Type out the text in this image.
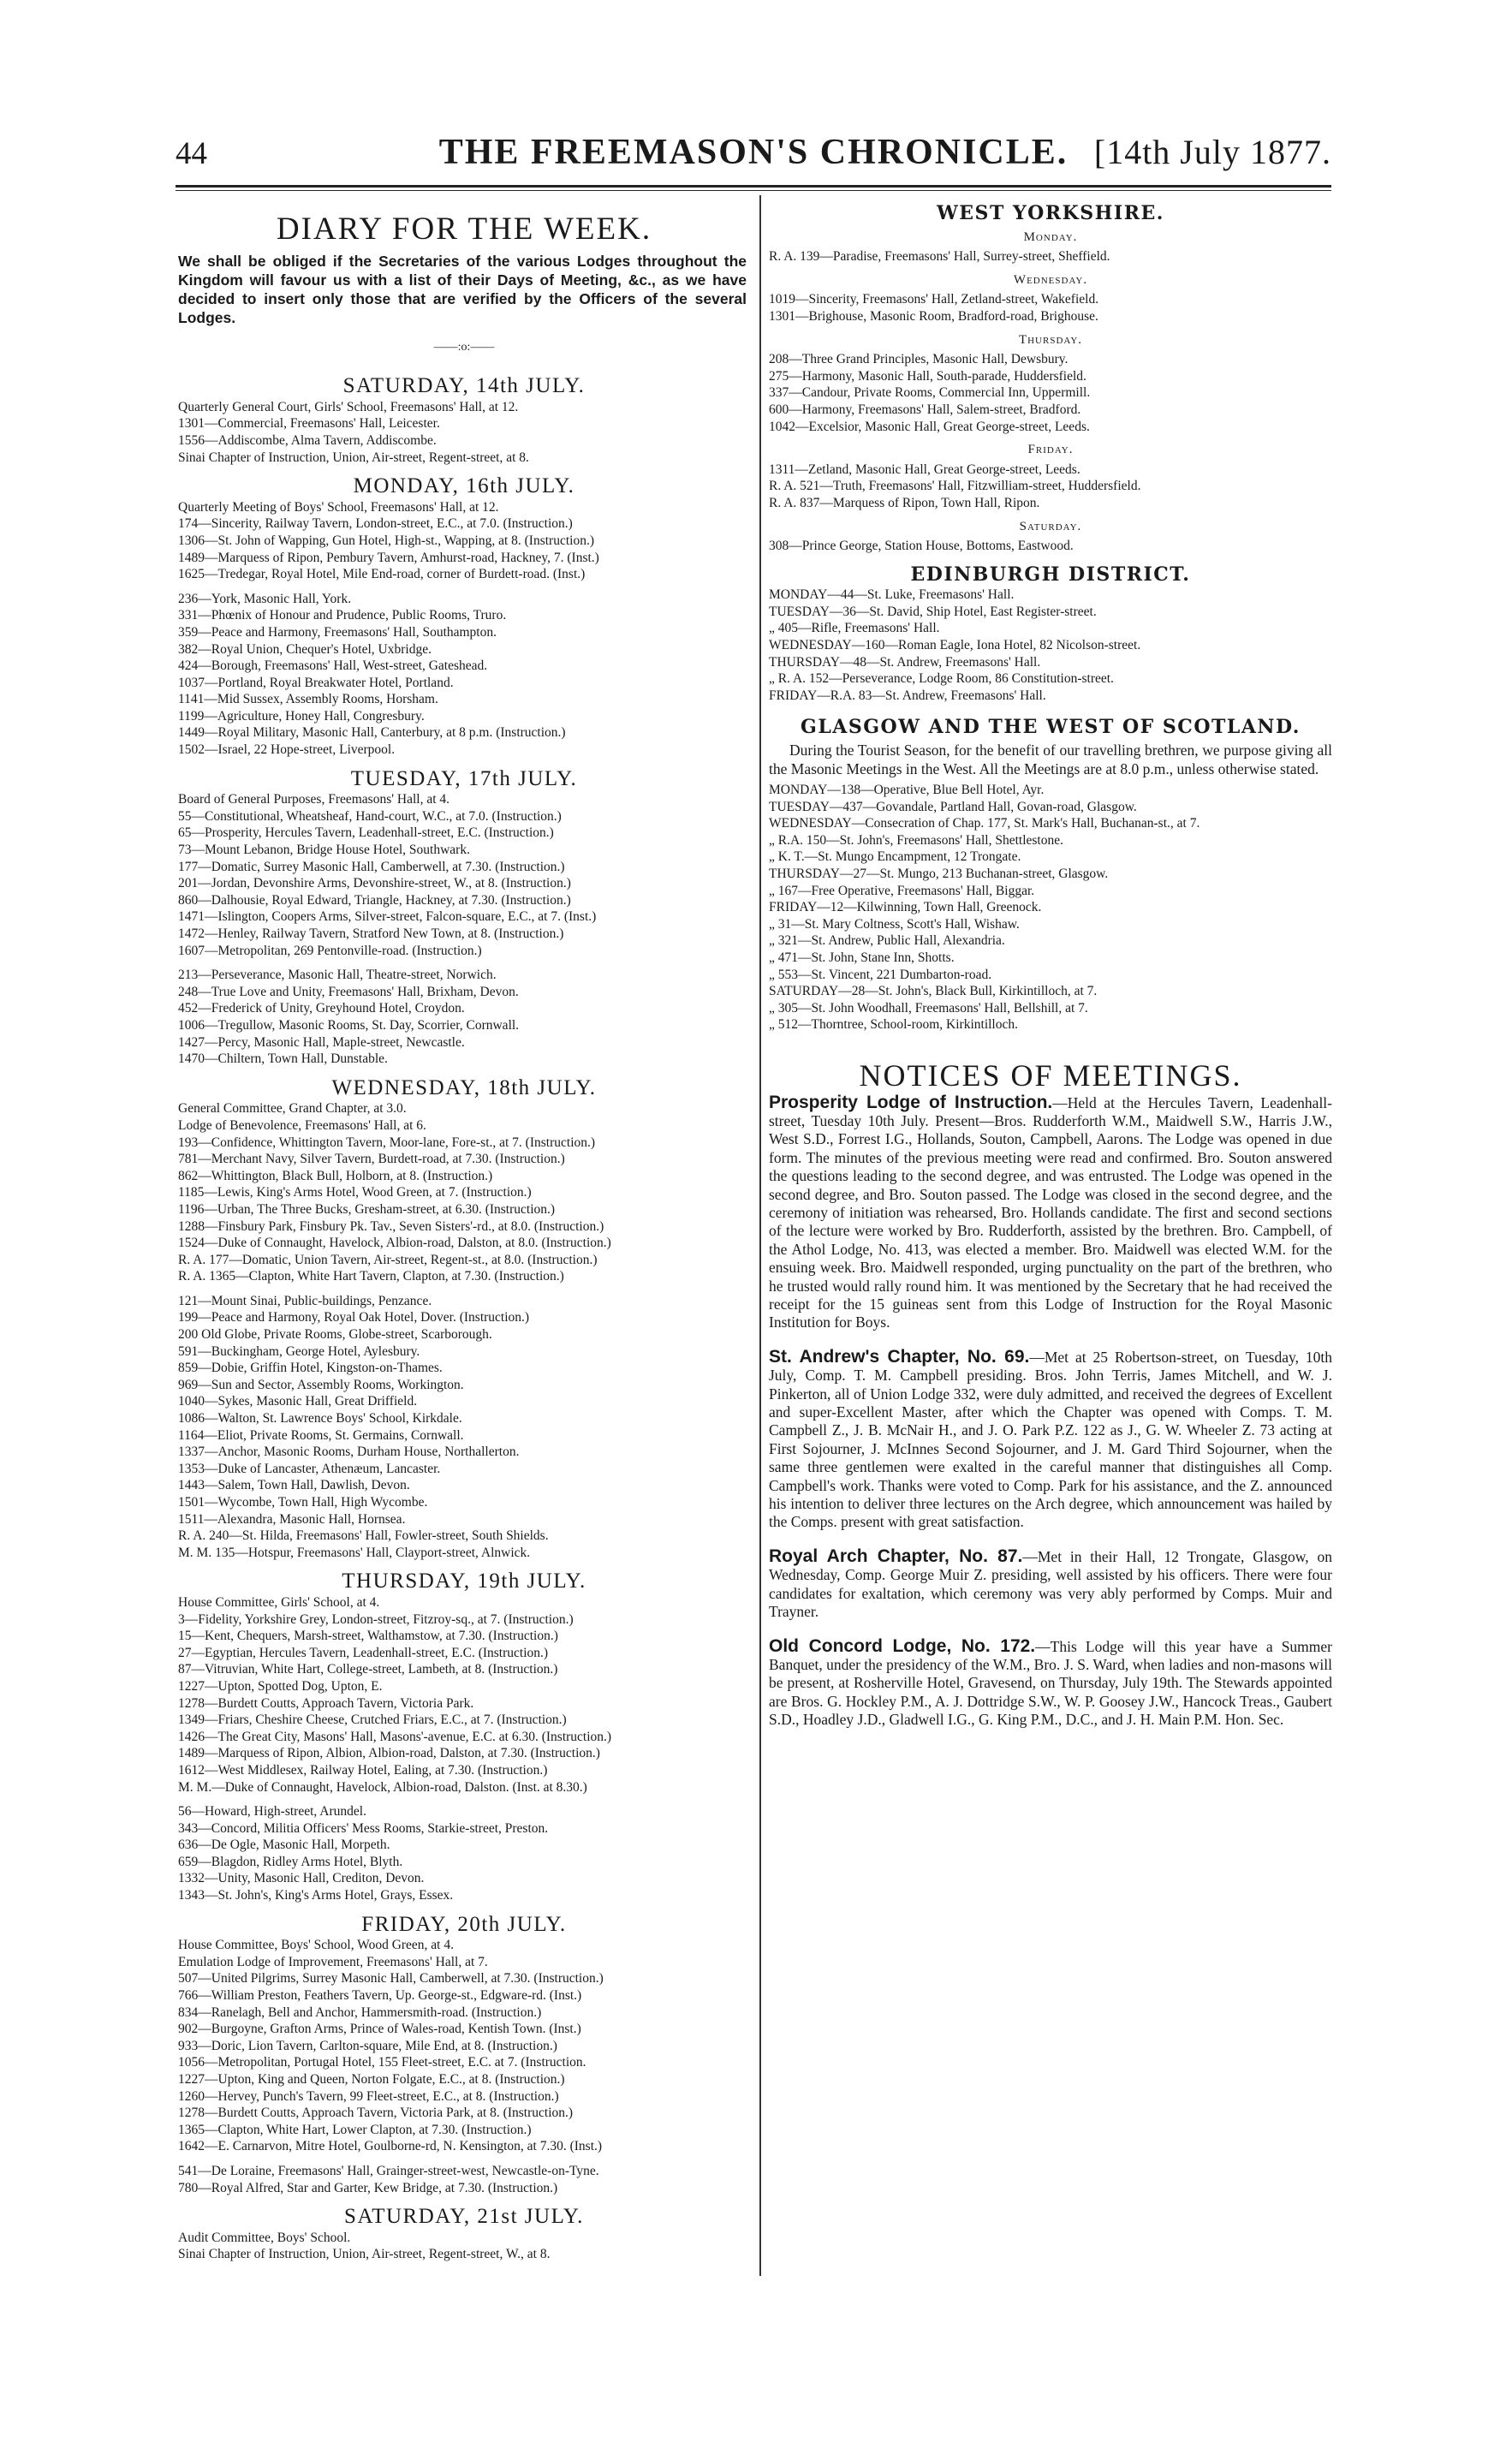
44	THE FREEMASON'S CHRONICLE. [14th July 1877.
DIARY FOR THE WEEK.

We shall be obliged if the Secretaries of the various Lodges throughout the Kingdom will favour us with a list of their Days of Meeting, &c., as we have decided to insert only those that are verified by the Officers of the several Lodges.

——:o:——
SATURDAY, 14th JULY.
Quarterly General Court, Girls' School, Freemasons' Hall, at 12.
1301—Commercial, Freemasons' Hall, Leicester.
1556—Addiscombe, Alma Tavern, Addiscombe.
Sinai Chapter of Instruction, Union, Air-street, Regent-street, at 8.
MONDAY, 16th JULY.
Quarterly Meeting of Boys' School, Freemasons' Hall, at 12.
174—Sincerity, Railway Tavern, London-street, E.C., at 7.0. (Instruction.)
1306—St. John of Wapping, Gun Hotel, High-st., Wapping, at 8. (Instruction.)
1489—Marquess of Ripon, Pembury Tavern, Amhurst-road, Hackney, 7. (Inst.)
1625—Tredegar, Royal Hotel, Mile End-road, corner of Burdett-road. (Inst.)
236—York, Masonic Hall, York.
331—Phœnix of Honour and Prudence, Public Rooms, Truro.
359—Peace and Harmony, Freemasons' Hall, Southampton.
382—Royal Union, Chequer's Hotel, Uxbridge.
424—Borough, Freemasons' Hall, West-street, Gateshead.
1037—Portland, Royal Breakwater Hotel, Portland.
1141—Mid Sussex, Assembly Rooms, Horsham.
1199—Agriculture, Honey Hall, Congresbury.
1449—Royal Military, Masonic Hall, Canterbury, at 8 p.m. (Instruction.)
1502—Israel, 22 Hope-street, Liverpool.
TUESDAY, 17th JULY.
Board of General Purposes, Freemasons' Hall, at 4.
55—Constitutional, Wheatsheaf, Hand-court, W.C., at 7.0. (Instruction.)
65—Prosperity, Hercules Tavern, Leadenhall-street, E.C. (Instruction.)
73—Mount Lebanon, Bridge House Hotel, Southwark.
177—Domatic, Surrey Masonic Hall, Camberwell, at 7.30. (Instruction.)
201—Jordan, Devonshire Arms, Devonshire-street, W., at 8. (Instruction.)
860—Dalhousie, Royal Edward, Triangle, Hackney, at 7.30. (Instruction.)
1471—Islington, Coopers Arms, Silver-street, Falcon-square, E.C., at 7. (Inst.)
1472—Henley, Railway Tavern, Stratford New Town, at 8. (Instruction.)
1607—Metropolitan, 269 Pentonville-road. (Instruction.)
213—Perseverance, Masonic Hall, Theatre-street, Norwich.
248—True Love and Unity, Freemasons' Hall, Brixham, Devon.
452—Frederick of Unity, Greyhound Hotel, Croydon.
1006—Tregullow, Masonic Rooms, St. Day, Scorrier, Cornwall.
1427—Percy, Masonic Hall, Maple-street, Newcastle.
1470—Chiltern, Town Hall, Dunstable.
WEDNESDAY, 18th JULY.
General Committee, Grand Chapter, at 3.0.
Lodge of Benevolence, Freemasons' Hall, at 6.
193—Confidence, Whittington Tavern, Moor-lane, Fore-st., at 7. (Instruction.)
781—Merchant Navy, Silver Tavern, Burdett-road, at 7.30. (Instruction.)
862—Whittington, Black Bull, Holborn, at 8. (Instruction.)
1185—Lewis, King's Arms Hotel, Wood Green, at 7. (Instruction.)
1196—Urban, The Three Bucks, Gresham-street, at 6.30. (Instruction.)
1288—Finsbury Park, Finsbury Pk. Tav., Seven Sisters'-rd., at 8.0. (Instruction.)
1524—Duke of Connaught, Havelock, Albion-road, Dalston, at 8.0. (Instruction.)
R. A. 177—Domatic, Union Tavern, Air-street, Regent-st., at 8.0. (Instruction.)
R. A. 1365—Clapton, White Hart Tavern, Clapton, at 7.30. (Instruction.)
121—Mount Sinai, Public-buildings, Penzance.
199—Peace and Harmony, Royal Oak Hotel, Dover. (Instruction.)
200 Old Globe, Private Rooms, Globe-street, Scarborough.
591—Buckingham, George Hotel, Aylesbury.
859—Dobie, Griffin Hotel, Kingston-on-Thames.
969—Sun and Sector, Assembly Rooms, Workington.
1040—Sykes, Masonic Hall, Great Driffield.
1086—Walton, St. Lawrence Boys' School, Kirkdale.
1164—Eliot, Private Rooms, St. Germains, Cornwall.
1337—Anchor, Masonic Rooms, Durham House, Northallerton.
1353—Duke of Lancaster, Athenæum, Lancaster.
1443—Salem, Town Hall, Dawlish, Devon.
1501—Wycombe, Town Hall, High Wycombe.
1511—Alexandra, Masonic Hall, Hornsea.
R. A. 240—St. Hilda, Freemasons' Hall, Fowler-street, South Shields.
M. M. 135—Hotspur, Freemasons' Hall, Clayport-street, Alnwick.
THURSDAY, 19th JULY.
House Committee, Girls' School, at 4.
3—Fidelity, Yorkshire Grey, London-street, Fitzroy-sq., at 7. (Instruction.)
15—Kent, Chequers, Marsh-street, Walthamstow, at 7.30. (Instruction.)
27—Egyptian, Hercules Tavern, Leadenhall-street, E.C. (Instruction.)
87—Vitruvian, White Hart, College-street, Lambeth, at 8. (Instruction.)
1227—Upton, Spotted Dog, Upton, E.
1278—Burdett Coutts, Approach Tavern, Victoria Park.
1349—Friars, Cheshire Cheese, Crutched Friars, E.C., at 7. (Instruction.)
1426—The Great City, Masons' Hall, Masons'-avenue, E.C. at 6.30. (Instruction.)
1489—Marquess of Ripon, Albion, Albion-road, Dalston, at 7.30. (Instruction.)
1612—West Middlesex, Railway Hotel, Ealing, at 7.30. (Instruction.)
M. M.—Duke of Connaught, Havelock, Albion-road, Dalston. (Inst. at 8.30.)
56—Howard, High-street, Arundel.
343—Concord, Militia Officers' Mess Rooms, Starkie-street, Preston.
636—De Ogle, Masonic Hall, Morpeth.
659—Blagdon, Ridley Arms Hotel, Blyth.
1332—Unity, Masonic Hall, Crediton, Devon.
1343—St. John's, King's Arms Hotel, Grays, Essex.
FRIDAY, 20th JULY.
House Committee, Boys' School, Wood Green, at 4.
Emulation Lodge of Improvement, Freemasons' Hall, at 7.
507—United Pilgrims, Surrey Masonic Hall, Camberwell, at 7.30. (Instruction.)
766—William Preston, Feathers Tavern, Up. George-st., Edgware-rd. (Inst.)
834—Ranelagh, Bell and Anchor, Hammersmith-road. (Instruction.)
902—Burgoyne, Grafton Arms, Prince of Wales-road, Kentish Town. (Inst.)
933—Doric, Lion Tavern, Carlton-square, Mile End, at 8. (Instruction.)
1056—Metropolitan, Portugal Hotel, 155 Fleet-street, E.C. at 7. (Instruction.
1227—Upton, King and Queen, Norton Folgate, E.C., at 8. (Instruction.)
1260—Hervey, Punch's Tavern, 99 Fleet-street, E.C., at 8. (Instruction.)
1278—Burdett Coutts, Approach Tavern, Victoria Park, at 8. (Instruction.)
1365—Clapton, White Hart, Lower Clapton, at 7.30. (Instruction.)
1642—E. Carnarvon, Mitre Hotel, Goulborne-rd, N. Kensington, at 7.30. (Inst.)
541—De Loraine, Freemasons' Hall, Grainger-street-west, Newcastle-on-Tyne.
780—Royal Alfred, Star and Garter, Kew Bridge, at 7.30. (Instruction.)
SATURDAY, 21st JULY.
Audit Committee, Boys' School.
Sinai Chapter of Instruction, Union, Air-street, Regent-street, W., at 8.
WEST YORKSHIRE.
Monday.
R. A. 139—Paradise, Freemasons' Hall, Surrey-street, Sheffield.
Wednesday.
1019—Sincerity, Freemasons' Hall, Zetland-street, Wakefield.
1301—Brighouse, Masonic Room, Bradford-road, Brighouse.
Thursday.
208—Three Grand Principles, Masonic Hall, Dewsbury.
275—Harmony, Masonic Hall, South-parade, Huddersfield.
337—Candour, Private Rooms, Commercial Inn, Uppermill.
600—Harmony, Freemasons' Hall, Salem-street, Bradford.
1042—Excelsior, Masonic Hall, Great George-street, Leeds.
Friday.
1311—Zetland, Masonic Hall, Great George-street, Leeds.
R. A. 521—Truth, Freemasons' Hall, Fitzwilliam-street, Huddersfield.
R. A. 837—Marquess of Ripon, Town Hall, Ripon.
Saturday.
308—Prince George, Station House, Bottoms, Eastwood.
EDINBURGH DISTRICT.
MONDAY—44—St. Luke, Freemasons' Hall.
TUESDAY—36—St. David, Ship Hotel, East Register-street.
„ 405—Rifle, Freemasons' Hall.
WEDNESDAY—160—Roman Eagle, Iona Hotel, 82 Nicolson-street.
THURSDAY—48—St. Andrew, Freemasons' Hall.
„ R. A. 152—Perseverance, Lodge Room, 86 Constitution-street.
FRIDAY—R.A. 83—St. Andrew, Freemasons' Hall.
GLASGOW AND THE WEST OF SCOTLAND.

During the Tourist Season, for the benefit of our travelling brethren, we purpose giving all the Masonic Meetings in the West. All the Meetings are at 8.0 p.m., unless otherwise stated.

MONDAY—138—Operative, Blue Bell Hotel, Ayr.
TUESDAY—437—Govandale, Partland Hall, Govan-road, Glasgow.
WEDNESDAY—Consecration of Chap. 177, St. Mark's Hall, Buchanan-st., at 7.
„ R.A. 150—St. John's, Freemasons' Hall, Shettlestone.
„ K. T.—St. Mungo Encampment, 12 Trongate.
THURSDAY—27—St. Mungo, 213 Buchanan-street, Glasgow.
„ 167—Free Operative, Freemasons' Hall, Biggar.
FRIDAY—12—Kilwinning, Town Hall, Greenock.
„ 31—St. Mary Coltness, Scott's Hall, Wishaw.
„ 321—St. Andrew, Public Hall, Alexandria.
„ 471—St. John, Stane Inn, Shotts.
„ 553—St. Vincent, 221 Dumbarton-road.
SATURDAY—28—St. John's, Black Bull, Kirkintilloch, at 7.
„ 305—St. John Woodhall, Freemasons' Hall, Bellshill, at 7.
„ 512—Thorntree, School-room, Kirkintilloch.
NOTICES OF MEETINGS.

Prosperity Lodge of Instruction.—Held at the Hercules Tavern, Leadenhall-street, Tuesday 10th July. Present—Bros. Rudderforth W.M., Maidwell S.W., Harris J.W., West S.D., Forrest I.G., Hollands, Souton, Campbell, Aarons. The Lodge was opened in due form. The minutes of the previous meeting were read and confirmed. Bro. Souton answered the questions leading to the second degree, and was entrusted. The Lodge was opened in the second degree, and Bro. Souton passed. The Lodge was closed in the second degree, and the ceremony of initiation was rehearsed, Bro. Hollands candidate. The first and second sections of the lecture were worked by Bro. Rudderforth, assisted by the brethren. Bro. Campbell, of the Athol Lodge, No. 413, was elected a member. Bro. Maidwell was elected W.M. for the ensuing week. Bro. Maidwell responded, urging punctuality on the part of the brethren, who he trusted would rally round him. It was mentioned by the Secretary that he had received the receipt for the 15 guineas sent from this Lodge of Instruction for the Royal Masonic Institution for Boys.

St. Andrew's Chapter, No. 69.—Met at 25 Robertson-street, on Tuesday, 10th July, Comp. T. M. Campbell presiding. Bros. John Terris, James Mitchell, and W. J. Pinkerton, all of Union Lodge 332, were duly admitted, and received the degrees of Excellent and super-Excellent Master, after which the Chapter was opened with Comps. T. M. Campbell Z., J. B. McNair H., and J. O. Park P.Z. 122 as J., G. W. Wheeler Z. 73 acting at First Sojourner, J. McInnes Second Sojourner, and J. M. Gard Third Sojourner, when the same three gentlemen were exalted in the careful manner that distinguishes all Comp. Campbell's work. Thanks were voted to Comp. Park for his assistance, and the Z. announced his intention to deliver three lectures on the Arch degree, which announcement was hailed by the Comps. present with great satisfaction.

Royal Arch Chapter, No. 87.—Met in their Hall, 12 Trongate, Glasgow, on Wednesday, Comp. George Muir Z. presiding, well assisted by his officers. There were four candidates for exaltation, which ceremony was very ably performed by Comps. Muir and Trayner.

Old Concord Lodge, No. 172.—This Lodge will this year have a Summer Banquet, under the presidency of the W.M., Bro. J. S. Ward, when ladies and non-masons will be present, at Rosherville Hotel, Gravesend, on Thursday, July 19th. The Stewards appointed are Bros. G. Hockley P.M., A. J. Dottridge S.W., W. P. Goosey J.W., Hancock Treas., Gaubert S.D., Hoadley J.D., Gladwell I.G., G. King P.M., D.C., and J. H. Main P.M. Hon. Sec.
